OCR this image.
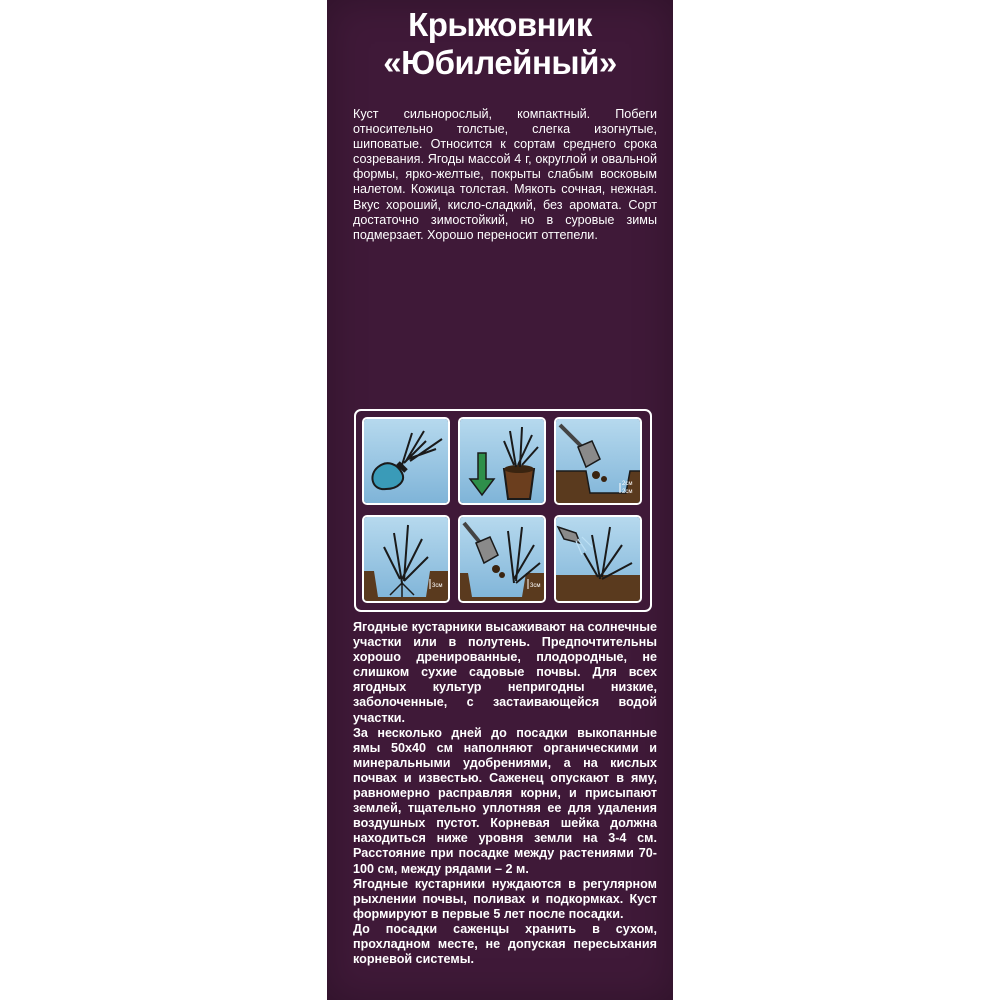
Крыжовник
«Юбилейный»
Куст сильнорослый, компактный. Побеги относительно толстые, слегка изогнутые, шиповатые. Относится к сортам среднего срока созревания. Ягоды массой 4 г, округлой и овальной формы, ярко-желтые, покрыты слабым восковым налетом. Кожица толстая. Мякоть сочная, нежная. Вкус хороший, кисло-сладкий, без аромата. Сорт достаточно зимостойкий, но в суровые зимы подмерзает. Хорошо переносит оттепели.
2см
2см
3см	3см

Ягодные кустарники высаживают на солнечные участки или в полутень. Предпочтительны хорошо дренированные, плодородные, не слишком сухие садовые почвы. Для всех ягодных культур непригодны низкие, заболоченные, с застаивающейся водой участки.

За несколько дней до посадки выкопанные ямы 50х40 см наполняют органическими и минеральными удобрениями, а на кислых почвах и известью. Саженец опускают в яму, равномерно расправляя корни, и присыпают землей, тщательно уплотняя ее для удаления воздушных пустот. Корневая шейка должна находиться ниже уровня земли на 3-4 см. Расстояние при посадке между растениями 70-100 см, между рядами – 2 м.

Ягодные кустарники нуждаются в регулярном рыхлении почвы, поливах и подкормках. Куст формируют в первые 5 лет после посадки.

До посадки саженцы хранить в сухом, прохладном месте, не допуская пересыхания корневой системы.
